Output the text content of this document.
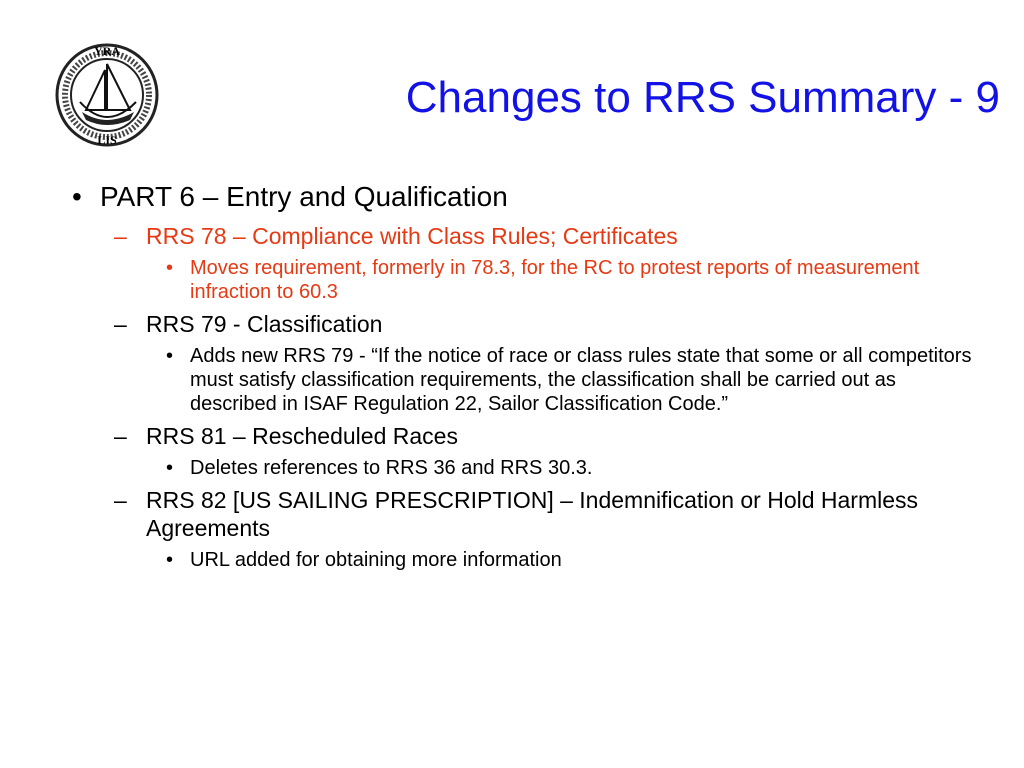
YRA
LIS
Changes to RRS Summary - 9
• PART 6 – Entry and Qualification
– RRS 78 – Compliance with Class Rules; Certificates
• Moves requirement, formerly in 78.3, for the RC to protest reports of measurement infraction to 60.3
– RRS 79 - Classification
• Adds new RRS 79 - “If the notice of race or class rules state that some or all competitors must satisfy classification requirements, the classification shall be carried out as described in ISAF Regulation 22, Sailor Classification Code.”
– RRS 81 – Rescheduled Races
• Deletes references to RRS 36 and RRS 30.3.
– RRS 82 [US SAILING PRESCRIPTION] – Indemnification or Hold Harmless Agreements
• URL added for obtaining more information
